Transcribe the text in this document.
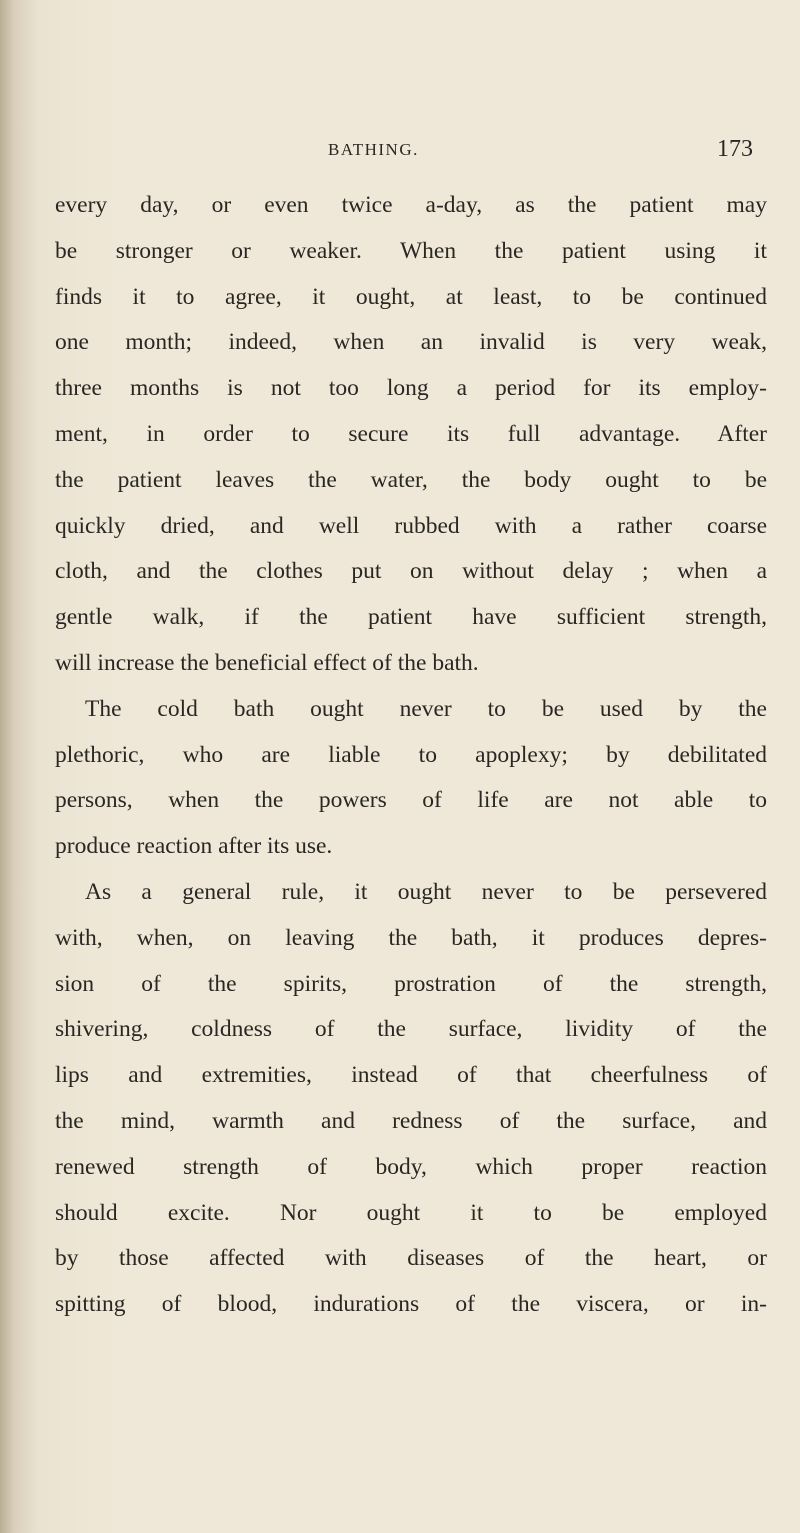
BATHING.	173
every day, or even twice a-day, as the patient may
be stronger or weaker. When the patient using it
finds it to agree, it ought, at least, to be continued
one month; indeed, when an invalid is very weak,
three months is not too long a period for its employ-
ment, in order to secure its full advantage. After
the patient leaves the water, the body ought to be
quickly dried, and well rubbed with a rather coarse
cloth, and the clothes put on without delay ; when a
gentle walk, if the patient have sufficient strength,
will increase the beneficial effect of the bath.
The cold bath ought never to be used by the
plethoric, who are liable to apoplexy; by debilitated
persons, when the powers of life are not able to
produce reaction after its use.
As a general rule, it ought never to be persevered
with, when, on leaving the bath, it produces depres-
sion of the spirits, prostration of the strength,
shivering, coldness of the surface, lividity of the
lips and extremities, instead of that cheerfulness of
the mind, warmth and redness of the surface, and
renewed strength of body, which proper reaction
should excite. Nor ought it to be employed
by those affected with diseases of the heart, or
spitting of blood, indurations of the viscera, or in-
